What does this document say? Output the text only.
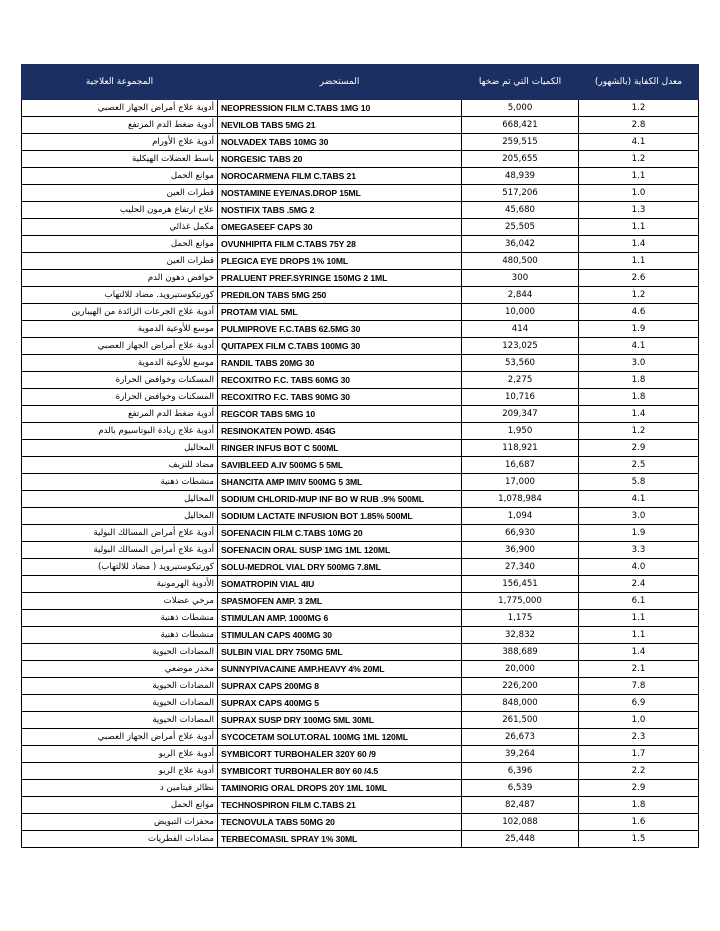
المجموعة العلاجية	المستحضر	الكميات التي تم ضخها	معدل الكفاية (بالشهور)
أدوية علاج أمراض الجهاز العصبي	NEOPRESSION FILM C.TABS 1MG 10	5,000	1.2
أدوية ضغط الدم المرتفع	NEVILOB TABS 5MG 21	668,421	2.8
أدوية علاج الأورام	NOLVADEX TABS 10MG 30	259,515	4.1
باسط العضلات الهيكلية	NORGESIC TABS 20	205,655	1.2
موانع الحمل	NOROCARMENA FILM C.TABS 21	48,939	1.1
قطرات العين	NOSTAMINE EYE/NAS.DROP 15ML	517,206	1.0
علاج ارتفاع هرمون الحليب	NOSTIFIX TABS .5MG 2	45,680	1.3
مكمل غذائي	OMEGASEEF CAPS 30	25,505	1.1
موانع الحمل	OVUNHIPITA FILM C.TABS 75Y 28	36,042	1.4
قطرات العين	PLEGICA EYE DROPS 1% 10ML	480,500	1.1
خوافض دهون الدم	PRALUENT PREF.SYRINGE 150MG 2 1ML	300	2.6
كورتيكوستيرويد. مضاد للالتهاب	PREDILON TABS 5MG 250	2,844	1.2
أدوية علاج الجرعات الزائدة من الهيبارين	PROTAM VIAL 5ML	10,000	4.6
موسع للأوعية الدموية	PULMIPROVE F.C.TABS 62.5MG 30	414	1.9
أدوية علاج أمراض الجهاز العصبي	QUITAPEX FILM C.TABS 100MG 30	123,025	4.1
موسع للأوعية الدموية	RANDIL TABS 20MG 30	53,560	3.0
المسكنات وخوافض الحرارة	RECOXITRO F.C. TABS 60MG 30	2,275	1.8
المسكنات وخوافض الحرارة	RECOXITRO F.C. TABS 90MG 30	10,716	1.8
أدوية ضغط الدم المرتفع	REGCOR TABS 5MG 10	209,347	1.4
أدوية علاج زيادة البوتاسيوم بالدم	RESINOKATEN POWD. 454G	1,950	1.2
المحاليل	RINGER INFUS BOT C 500ML	118,921	2.9
مضاد للنزيف	SAVIBLEED A.IV 500MG 5 5ML	16,687	2.5
منشطات ذهنية	SHANCITA AMP IM/IV 500MG 5 3ML	17,000	5.8
المحاليل	SODIUM CHLORID-MUP INF BO W RUB .9% 500ML	1,078,984	4.1
المحاليل	SODIUM LACTATE INFUSION BOT 1.85% 500ML	1,094	3.0
أدوية علاج أمراض المسالك البولية	SOFENACIN FILM C.TABS 10MG 20	66,930	1.9
أدوية علاج أمراض المسالك البولية	SOFENACIN ORAL SUSP 1MG 1ML 120ML	36,900	3.3
كورتيكوستيرويد ( مضاد للالتهاب)	SOLU-MEDROL VIAL DRY 500MG 7.8ML	27,340	4.0
الأدوية الهرمونية	SOMATROPIN VIAL 4IU	156,451	2.4
مرخي عضلات	SPASMOFEN AMP. 3 2ML	1,775,000	6.1
منشطات ذهنية	STIMULAN AMP. 1000MG 6	1,175	1.1
منشطات ذهنية	STIMULAN CAPS 400MG 30	32,832	1.1
المضادات الحيوية	SULBIN VIAL DRY 750MG 5ML	388,689	1.4
مخدر موضعي	SUNNYPIVACAINE AMP.HEAVY 4% 20ML	20,000	2.1
المضادات الحيوية	SUPRAX CAPS 200MG 8	226,200	7.8
المضادات الحيوية	SUPRAX CAPS 400MG 5	848,000	6.9
المضادات الحيوية	SUPRAX SUSP DRY 100MG 5ML 30ML	261,500	1.0
أدوية علاج أمراض الجهاز العصبي	SYCOCETAM SOLUT.ORAL 100MG 1ML 120ML	26,673	2.3
أدوية علاج الربو	SYMBICORT TURBOHALER 320Y 60 /9	39,264	1.7
أدوية علاج الربو	SYMBICORT TURBOHALER 80Y 60 /4.5	6,396	2.2
نظائر فيتامين د	TAMINORIG ORAL DROPS 20Y 1ML 10ML	6,539	2.9
موانع الحمل	TECHNOSPIRON FILM C.TABS 21	82,487	1.8
محفزات التبويض	TECNOVULA TABS 50MG 20	102,088	1.6
مضادات الفطريات	TERBECOMASIL SPRAY 1% 30ML	25,448	1.5
